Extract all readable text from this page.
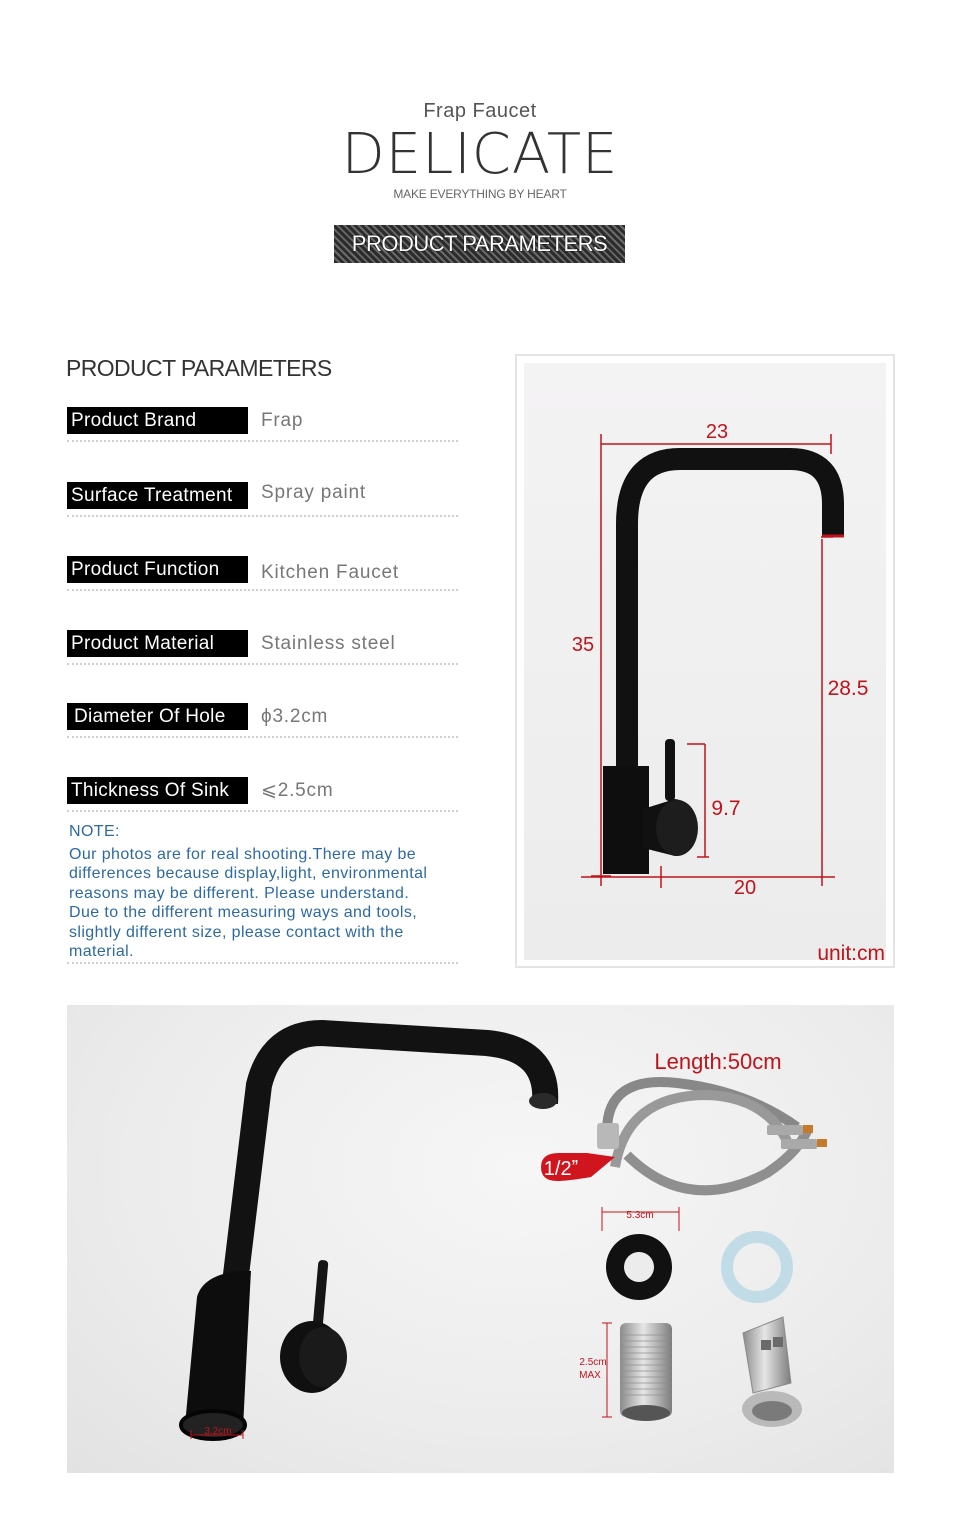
Frap Faucet
DELICATE
MAKE EVERYTHING BY HEART
PRODUCT PARAMETERS
PRODUCT PARAMETERS
Product Brand	Frap
Surface Treatment	Spray paint
Product Function	Kitchen Faucet
Product Material	Stainless steel
Diameter Of Hole	ϕ3.2cm
Thickness Of Sink	⩽2.5cm
NOTE:
Our photos are for real shooting.There may be
differences because display,light, environmental
reasons may be different. Please understand.
Due to the different measuring ways and tools,
slightly different size, please contact with the
material.
23
35
28.5
9.7
20
unit:cm
3.2cm
Length:50cm
1/2ˮ
5.3cm
2.5cm
MAX
